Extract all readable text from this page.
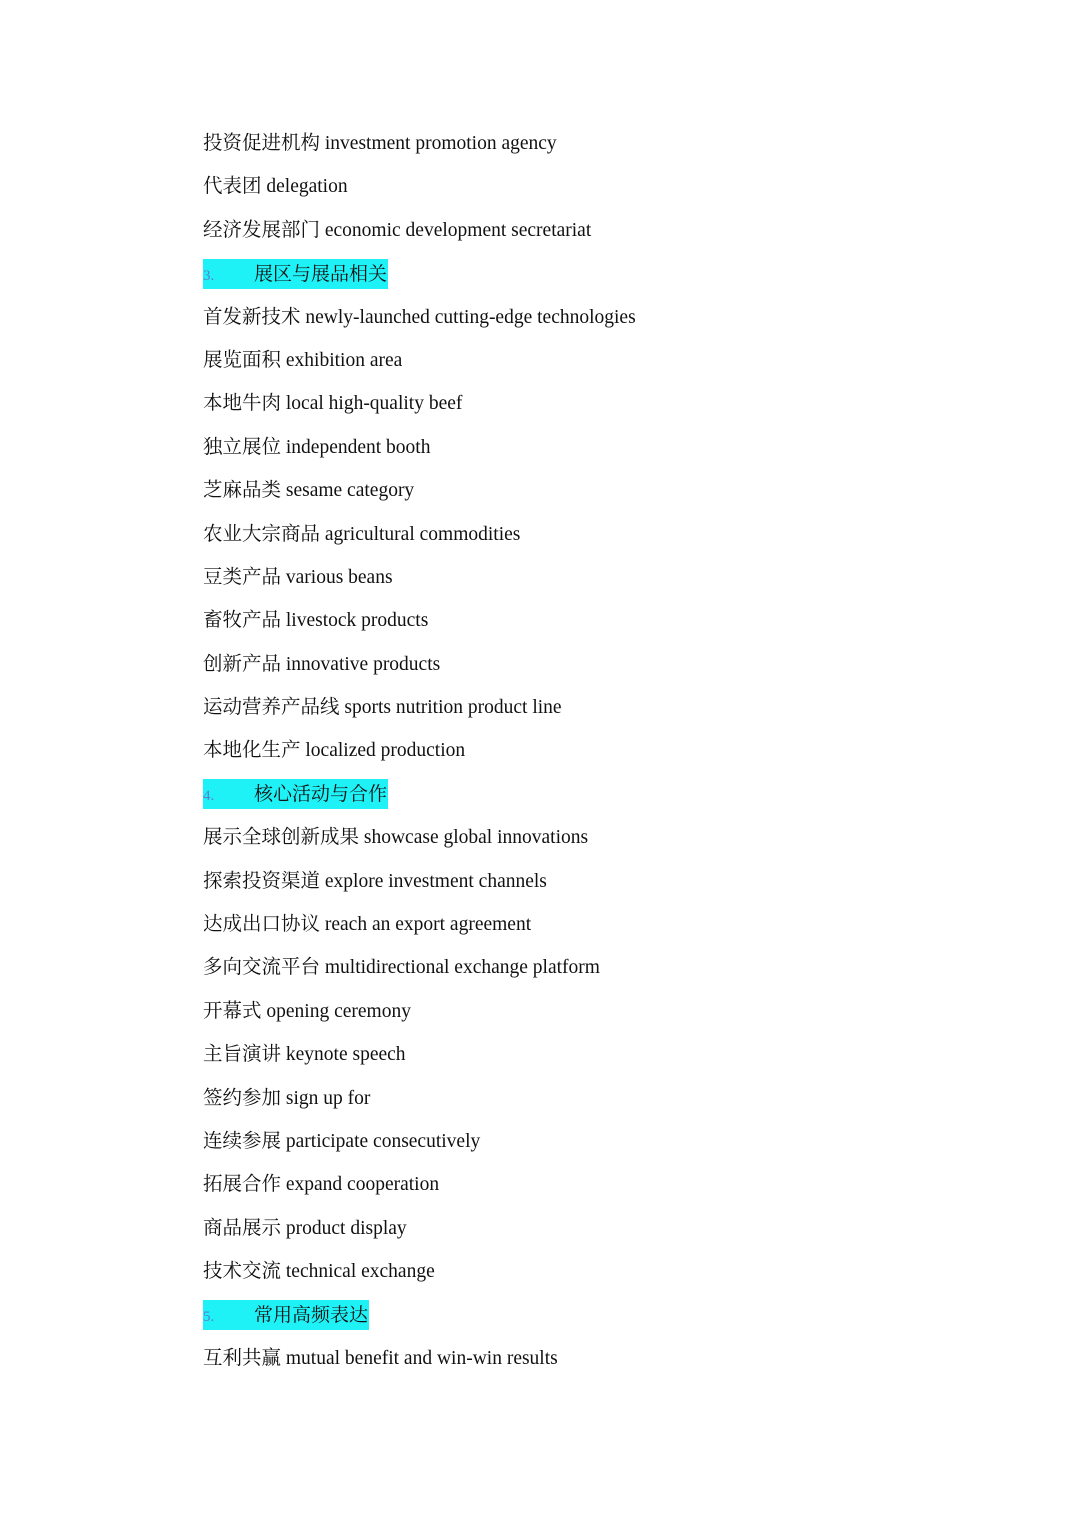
投资促进机构 investment promotion agency
代表团 delegation
经济发展部门 economic development secretariat
3. 展区与展品相关
首发新技术 newly-launched cutting-edge technologies
展览面积 exhibition area
本地牛肉 local high-quality beef
独立展位 independent booth
芝麻品类 sesame category
农业大宗商品 agricultural commodities
豆类产品 various beans
畜牧产品 livestock products
创新产品 innovative products
运动营养产品线 sports nutrition product line
本地化生产 localized production
4. 核心活动与合作
展示全球创新成果 showcase global innovations
探索投资渠道 explore investment channels
达成出口协议 reach an export agreement
多向交流平台 multidirectional exchange platform
开幕式 opening ceremony
主旨演讲 keynote speech
签约参加 sign up for
连续参展 participate consecutively
拓展合作 expand cooperation
商品展示 product display
技术交流 technical exchange
5. 常用高频表达
互利共赢 mutual benefit and win-win results
